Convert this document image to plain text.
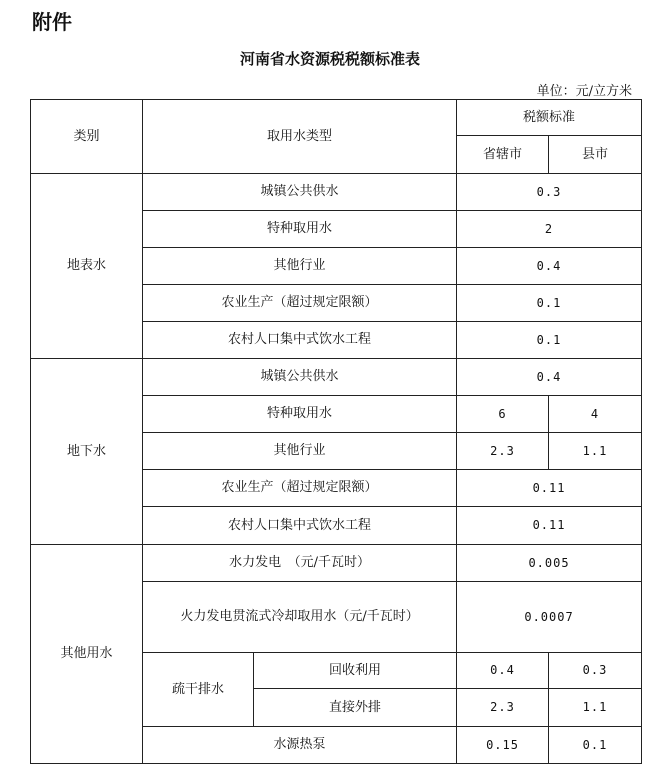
附件
河南省水资源税税额标准表
单位：元/立方米
类别	取用水类型		税额标准	
			省辖市	县市
地表水	城镇公共供水		0.3	
	特种取用水		2	
	其他行业		0.4	
	农业生产（超过规定限额）		0.1	
	农村人口集中式饮水工程		0.1	
地下水	城镇公共供水		0.4	
	特种取用水		6	4
	其他行业		2.3	1.1
	农业生产（超过规定限额）		0.11	
	农村人口集中式饮水工程		0.11	
其他用水	水力发电　（元/千瓦时）		0.005	
	火力发电贯流式冷却取用水（元/千瓦时）		0.0007	
	疏干排水	回收利用	0.4	0.3
		直接外排	2.3	1.1
	水源热泵		0.15	0.1
